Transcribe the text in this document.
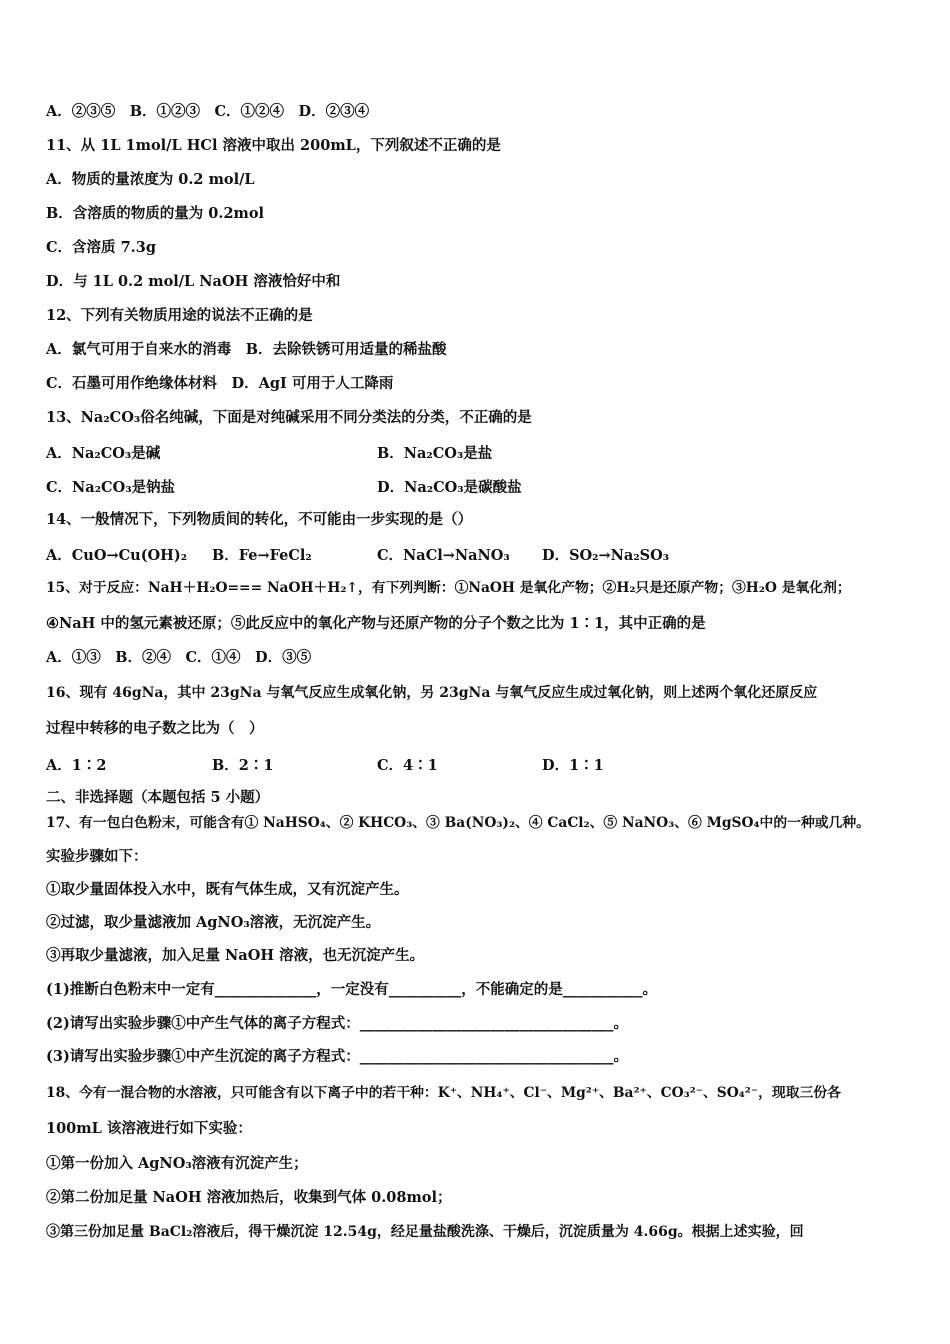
A．②③⑤　B．①②③　C．①②④　D．②③④
11、从 1L 1mol/L HCl 溶液中取出 200mL，下列叙述不正确的是
A．物质的量浓度为 0.2 mol/L
B．含溶质的物质的量为 0.2mol
C．含溶质 7.3g
D．与 1L 0.2 mol/L NaOH 溶液恰好中和
12、下列有关物质用途的说法不正确的是
A．氯气可用于自来水的消毒　B．去除铁锈可用适量的稀盐酸
C．石墨可用作绝缘体材料　D．AgI 可用于人工降雨
13、Na₂CO₃俗名纯碱，下面是对纯碱采用不同分类法的分类，不正确的是
A．Na₂CO₃是碱	B．Na₂CO₃是盐
C．Na₂CO₃是钠盐	D．Na₂CO₃是碳酸盐
14、一般情况下，下列物质间的转化，不可能由一步实现的是（）
A．CuO→Cu(OH)₂ B．Fe→FeCl₂	C．NaCl→NaNO₃ D．SO₂→Na₂SO₃
15、对于反应：NaH＋H₂O=== NaOH＋H₂↑，有下列判断：①NaOH 是氧化产物；②H₂只是还原产物；③H₂O 是氧化剂；
④NaH 中的氢元素被还原；⑤此反应中的氧化产物与还原产物的分子个数之比为 1∶1，其中正确的是
A．①③　B．②④　C．①④　D．③⑤
16、现有 46gNa，其中 23gNa 与氧气反应生成氧化钠，另 23gNa 与氧气反应生成过氧化钠，则上述两个氧化还原反应
过程中转移的电子数之比为（　）
A．1∶2	B．2∶1	C．4∶1	D．1∶1
二、非选择题（本题包括 5 小题）
17、有一包白色粉末，可能含有① NaHSO₄、② KHCO₃、③ Ba(NO₃)₂、④ CaCl₂、⑤ NaNO₃、⑥ MgSO₄中的一种或几种。
实验步骤如下：
①取少量固体投入水中，既有气体生成，又有沉淀产生。
②过滤，取少量滤液加 AgNO₃溶液，无沉淀产生。
③再取少量滤液，加入足量 NaOH 溶液，也无沉淀产生。
(1)推断白色粉末中一定有______________，一定没有__________，不能确定的是___________。
(2)请写出实验步骤①中产生气体的离子方程式：___________________________________。
(3)请写出实验步骤①中产生沉淀的离子方程式：___________________________________。
18、今有一混合物的水溶液，只可能含有以下离子中的若干种：K⁺、NH₄⁺、Cl⁻、Mg²⁺、Ba²⁺、CO₃²⁻、SO₄²⁻，现取三份各
100mL 该溶液进行如下实验：
①第一份加入 AgNO₃溶液有沉淀产生；
②第二份加足量 NaOH 溶液加热后，收集到气体 0.08mol；
③第三份加足量 BaCl₂溶液后，得干燥沉淀 12.54g，经足量盐酸洗涤、干燥后，沉淀质量为 4.66g。根据上述实验，回
